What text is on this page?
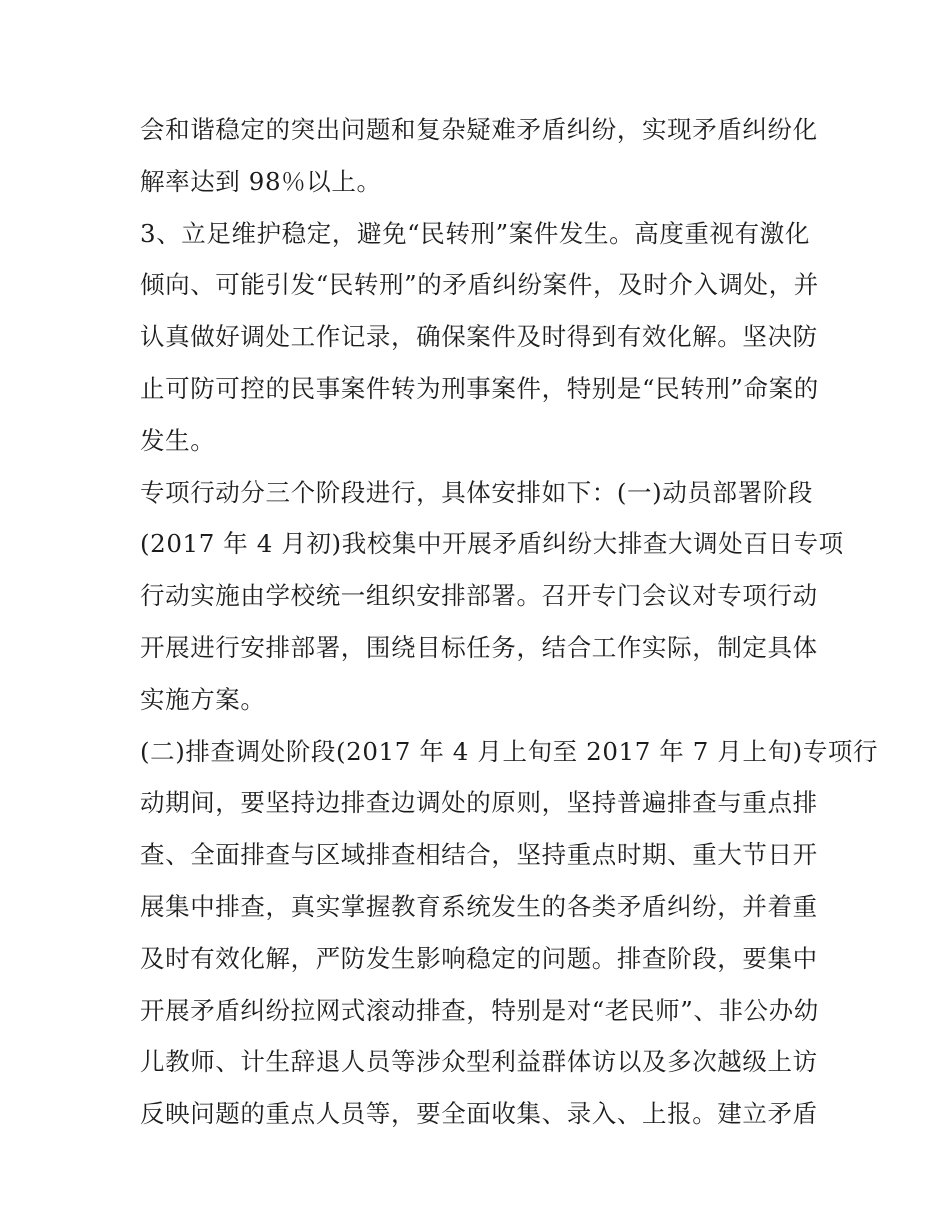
会和谐稳定的突出问题和复杂疑难矛盾纠纷，实现矛盾纠纷化
解率达到 98％以上。
3、立足维护稳定，避免“民转刑”案件发生。高度重视有激化
倾向、可能引发“民转刑”的矛盾纠纷案件，及时介入调处，并
认真做好调处工作记录，确保案件及时得到有效化解。坚决防
止可防可控的民事案件转为刑事案件，特别是“民转刑”命案的
发生。
专项行动分三个阶段进行，具体安排如下：(一)动员部署阶段
(2017 年 4 月初)我校集中开展矛盾纠纷大排查大调处百日专项
行动实施由学校统一组织安排部署。召开专门会议对专项行动
开展进行安排部署，围绕目标任务，结合工作实际，制定具体
实施方案。
(二)排查调处阶段(2017 年 4 月上旬至 2017 年 7 月上旬)专项行
动期间，要坚持边排查边调处的原则，坚持普遍排查与重点排
查、全面排查与区域排查相结合，坚持重点时期、重大节日开
展集中排查，真实掌握教育系统发生的各类矛盾纠纷，并着重
及时有效化解，严防发生影响稳定的问题。排查阶段，要集中
开展矛盾纠纷拉网式滚动排查，特别是对“老民师”、非公办幼
儿教师、计生辞退人员等涉众型利益群体访以及多次越级上访
反映问题的重点人员等，要全面收集、录入、上报。建立矛盾
